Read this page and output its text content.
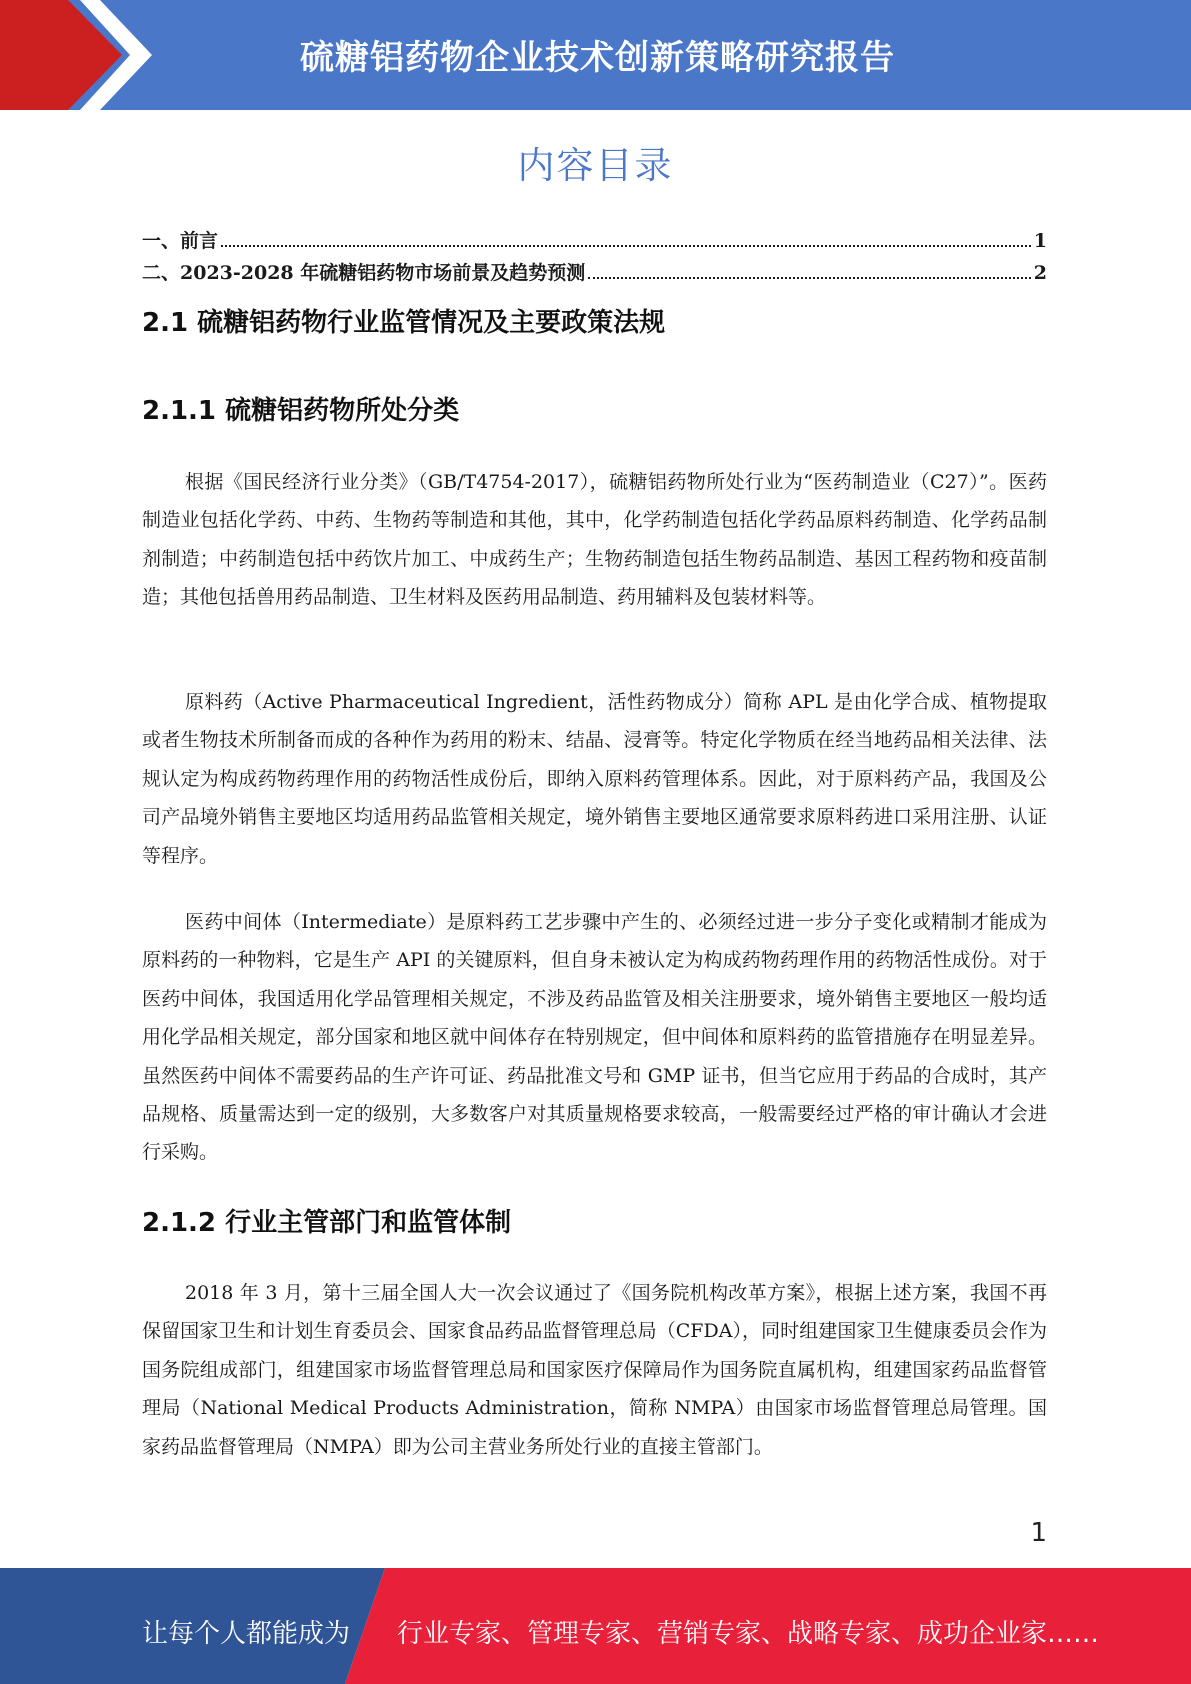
硫糖铝药物企业技术创新策略研究报告
内容目录
一、前言	1
二、2023-2028 年硫糖铝药物市场前景及趋势预测	2
2.1 硫糖铝药物行业监管情况及主要政策法规
2.1.1 硫糖铝药物所处分类

根据《国民经济行业分类》（GB/T4754-2017），硫糖铝药物所处行业为“医药制造业（C27）”。医药制造业包括化学药、中药、生物药等制造和其他，其中，化学药制造包括化学药品原料药制造、化学药品制剂制造；中药制造包括中药饮片加工、中成药生产；生物药制造包括生物药品制造、基因工程药物和疫苗制造；其他包括兽用药品制造、卫生材料及医药用品制造、药用辅料及包装材料等。

原料药（Active Pharmaceutical Ingredient，活性药物成分）简称 APL 是由化学合成、植物提取或者生物技术所制备而成的各种作为药用的粉末、结晶、浸膏等。特定化学物质在经当地药品相关法律、法规认定为构成药物药理作用的药物活性成份后，即纳入原料药管理体系。因此，对于原料药产品，我国及公司产品境外销售主要地区均适用药品监管相关规定，境外销售主要地区通常要求原料药进口采用注册、认证等程序。

医药中间体（Intermediate）是原料药工艺步骤中产生的、必须经过进一步分子变化或精制才能成为原料药的一种物料，它是生产 API 的关键原料，但自身未被认定为构成药物药理作用的药物活性成份。对于医药中间体，我国适用化学品管理相关规定，不涉及药品监管及相关注册要求，境外销售主要地区一般均适用化学品相关规定，部分国家和地区就中间体存在特别规定，但中间体和原料药的监管措施存在明显差异。虽然医药中间体不需要药品的生产许可证、药品批准文号和 GMP 证书，但当它应用于药品的合成时，其产品规格、质量需达到一定的级别，大多数客户对其质量规格要求较高，一般需要经过严格的审计确认才会进行采购。

2.1.2 行业主管部门和监管体制

2018 年 3 月，第十三届全国人大一次会议通过了《国务院机构改革方案》，根据上述方案，我国不再保留国家卫生和计划生育委员会、国家食品药品监督管理总局（CFDA），同时组建国家卫生健康委员会作为国务院组成部门，组建国家市场监督管理总局和国家医疗保障局作为国务院直属机构，组建国家药品监督管理局（National Medical Products Administration，简称 NMPA）由国家市场监督管理总局管理。国家药品监督管理局（NMPA）即为公司主营业务所处行业的直接主管部门。

1
让每个人都能成为 行业专家、管理专家、营销专家、战略专家、成功企业家……
